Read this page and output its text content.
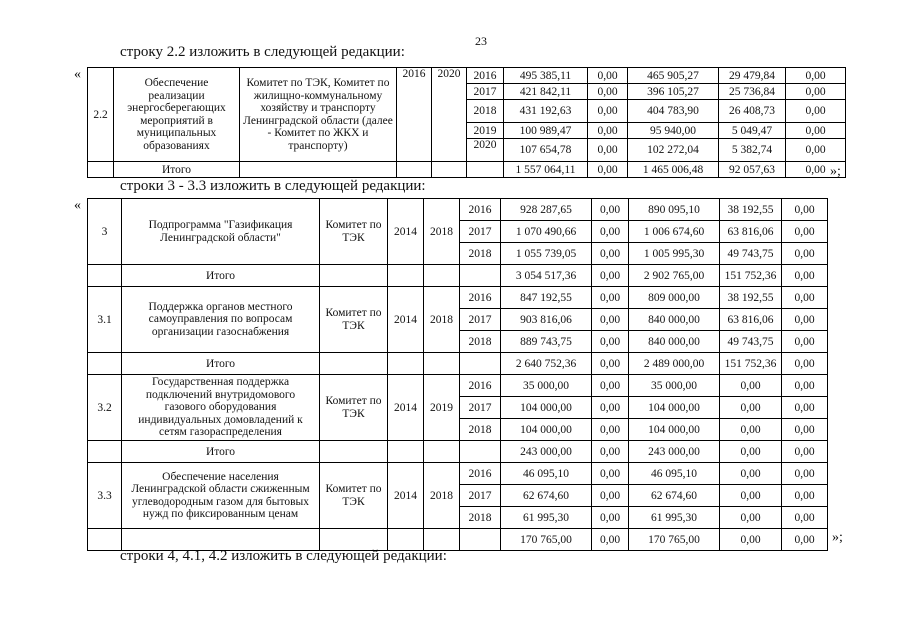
23
строку 2.2 изложить в следующей редакции:
строки 3 - 3.3 изложить в следующей редакции:
строки 4, 4.1, 4.2 изложить в следующей редакции:
«
»;
«
»;
2.2	Обеспечение реализации энергосберегающих мероприятий в муниципальных образованиях	Комитет по ТЭК, Комитет по жилищно-коммунальному хозяйству и транспорту Ленинградской области (далее - Комитет по ЖКХ и транспорту)	2016	2020	2016	495 385,11	0,00	465 905,27	29 479,84	0,00
					2017	421 842,11	0,00	396 105,27	25 736,84	0,00
					2018	431 192,63	0,00	404 783,90	26 408,73	0,00
					2019	100 989,47	0,00	95 940,00	5 049,47	0,00
					2020	107 654,78	0,00	102 272,04	5 382,74	0,00
	Итого					1 557 064,11	0,00	1 465 006,48	92 057,63	0,00
3	Подпрограмма "Газификация Ленинградской области"	Комитет по ТЭК	2014	2018	2016	928 287,65	0,00	890 095,10	38 192,55	0,00
					2017	1 070 490,66	0,00	1 006 674,60	63 816,06	0,00
					2018	1 055 739,05	0,00	1 005 995,30	49 743,75	0,00
	Итого					3 054 517,36	0,00	2 902 765,00	151 752,36	0,00
3.1	Поддержка органов местного самоуправления по вопросам организации газоснабжения	Комитет по ТЭК	2014	2018	2016	847 192,55	0,00	809 000,00	38 192,55	0,00
					2017	903 816,06	0,00	840 000,00	63 816,06	0,00
					2018	889 743,75	0,00	840 000,00	49 743,75	0,00
	Итого					2 640 752,36	0,00	2 489 000,00	151 752,36	0,00
3.2	Государственная поддержка подключений внутридомового газового оборудования индивидуальных домовладений к сетям газораспределения	Комитет по ТЭК	2014	2019	2016	35 000,00	0,00	35 000,00	0,00	0,00
					2017	104 000,00	0,00	104 000,00	0,00	0,00
					2018	104 000,00	0,00	104 000,00	0,00	0,00
	Итого					243 000,00	0,00	243 000,00	0,00	0,00
3.3	Обеспечение населения Ленинградской области сжиженным углеводородным газом для бытовых нужд по фиксированным ценам	Комитет по ТЭК	2014	2018	2016	46 095,10	0,00	46 095,10	0,00	0,00
					2017	62 674,60	0,00	62 674,60	0,00	0,00
					2018	61 995,30	0,00	61 995,30	0,00	0,00
						170 765,00	0,00	170 765,00	0,00	0,00
